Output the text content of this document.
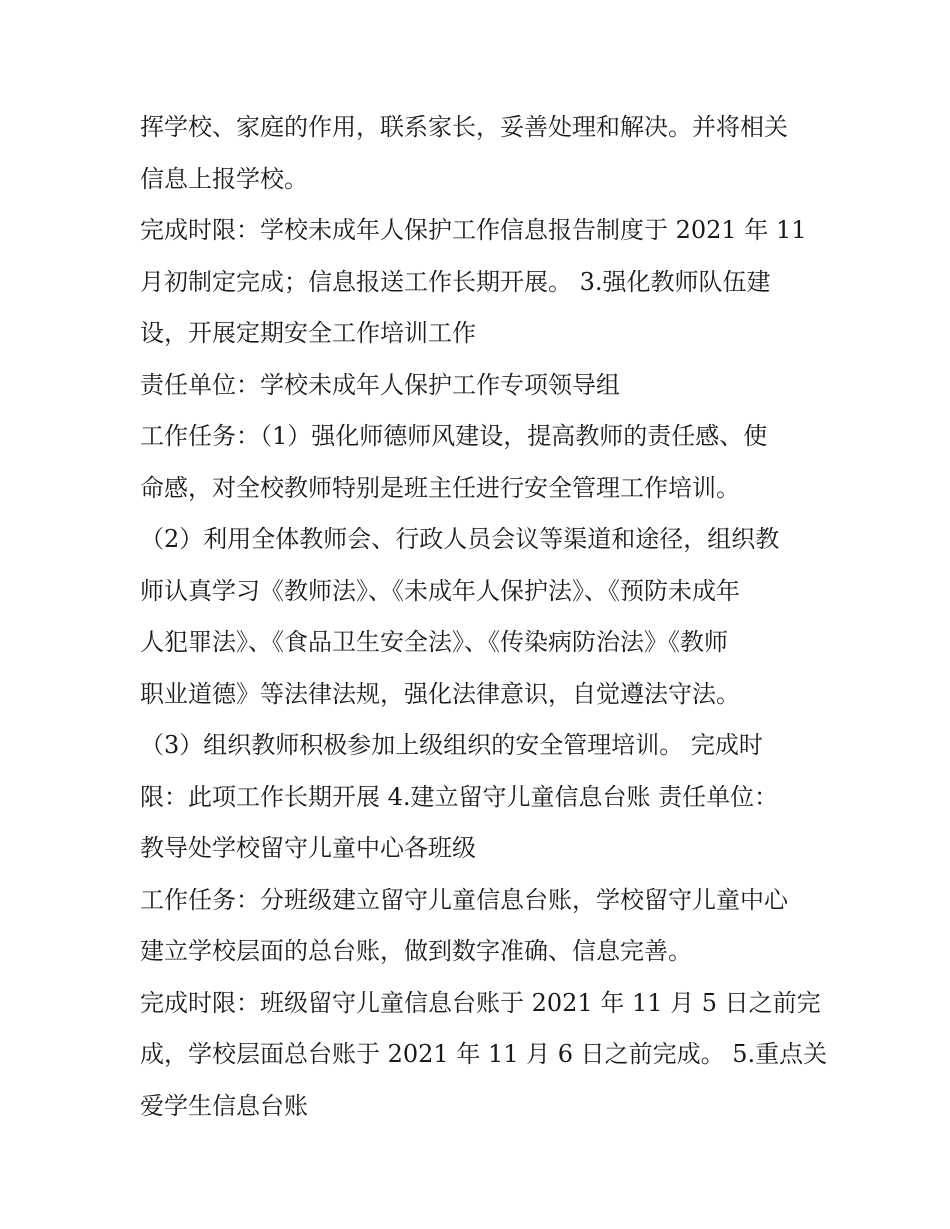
挥学校、家庭的作用，联系家长，妥善处理和解决。并将相关
信息上报学校。
完成时限：学校未成年人保护工作信息报告制度于 2021 年 11
月初制定完成；信息报送工作长期开展。 3.强化教师队伍建
设，开展定期安全工作培训工作
责任单位：学校未成年人保护工作专项领导组
工作任务：（1）强化师德师风建设，提高教师的责任感、使
命感，对全校教师特别是班主任进行安全管理工作培训。
（2）利用全体教师会、行政人员会议等渠道和途径，组织教
师认真学习《教师法》、《未成年人保护法》、《预防未成年
人犯罪法》、《食品卫生安全法》、《传染病防治法》《教师
职业道德》等法律法规，强化法律意识，自觉遵法守法。
（3）组织教师积极参加上级组织的安全管理培训。 完成时
限：此项工作长期开展 4.建立留守儿童信息台账 责任单位：
教导处学校留守儿童中心各班级
工作任务：分班级建立留守儿童信息台账，学校留守儿童中心
建立学校层面的总台账，做到数字准确、信息完善。
完成时限：班级留守儿童信息台账于 2021 年 11 月 5 日之前完
成，学校层面总台账于 2021 年 11 月 6 日之前完成。 5.重点关
爱学生信息台账
